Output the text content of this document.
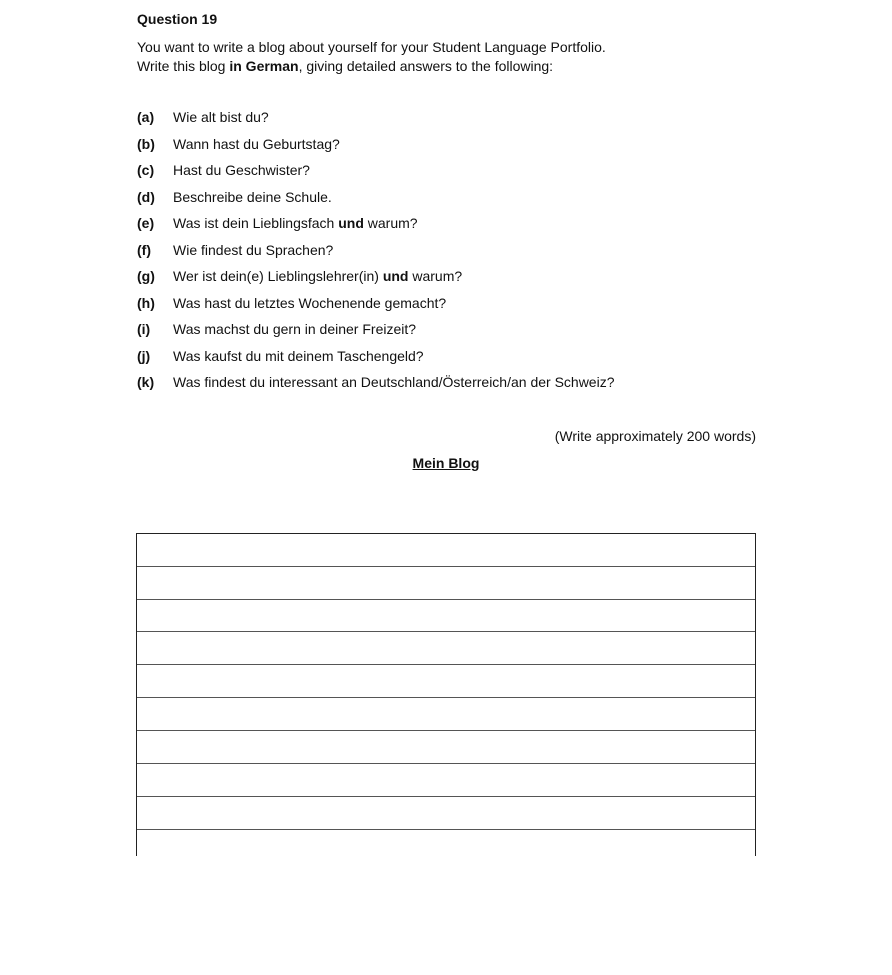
Question 19
You want to write a blog about yourself for your Student Language Portfolio.
Write this blog in German, giving detailed answers to the following:
(a)	Wie alt bist du?
(b)	Wann hast du Geburtstag?
(c)	Hast du Geschwister?
(d)	Beschreibe deine Schule.
(e)	Was ist dein Lieblingsfach und warum?
(f)	Wie findest du Sprachen?
(g)	Wer ist dein(e) Lieblingslehrer(in) und warum?
(h)	Was hast du letztes Wochenende gemacht?
(i)	Was machst du gern in deiner Freizeit?
(j)	Was kaufst du mit deinem Taschengeld?
(k)	Was findest du interessant an Deutschland/Österreich/an der Schweiz?
(Write approximately 200 words)
Mein Blog
